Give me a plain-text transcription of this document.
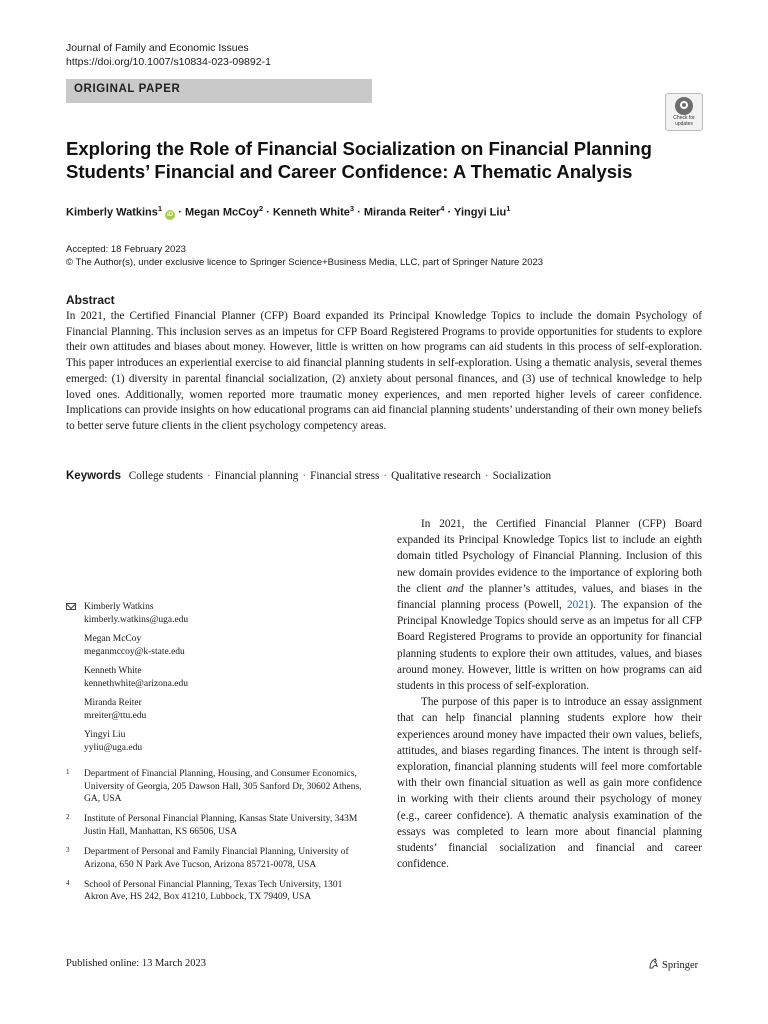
Journal of Family and Economic Issues
https://doi.org/10.1007/s10834-023-09892-1
ORIGINAL PAPER
Check for
updates
Exploring the Role of Financial Socialization on Financial Planning Students’ Financial and Career Confidence: A Thematic Analysis
Kimberly Watkins$^1$ iD · Megan McCoy$^2$ · Kenneth White$^3$ · Miranda Reiter$^4$ · Yingyi Liu$^1$
Accepted: 18 February 2023
© The Author(s), under exclusive licence to Springer Science+Business Media, LLC, part of Springer Nature 2023
Abstract
In 2021, the Certified Financial Planner (CFP) Board expanded its Principal Knowledge Topics to include the domain Psychology of Financial Planning. This inclusion serves as an impetus for CFP Board Registered Programs to provide opportunities for students to explore their own attitudes and biases about money. However, little is written on how programs can aid students in this process of self-exploration. This paper introduces an experiential exercise to aid financial planning students in self-exploration. Using a thematic analysis, several themes emerged: (1) diversity in parental financial socialization, (2) anxiety about personal finances, and (3) use of technical knowledge to help loved ones. Additionally, women reported more traumatic money experiences, and men reported higher levels of career confidence. Implications can provide insights on how educational programs can aid financial planning students’ understanding of their own money beliefs to better serve future clients in the client psychology competency areas.
Keywords College students · Financial planning · Financial stress · Qualitative research · Socialization

In 2021, the Certified Financial Planner (CFP) Board expanded its Principal Knowledge Topics list to include an eighth domain titled Psychology of Financial Planning. Inclusion of this new domain provides evidence to the importance of exploring both the client and the planner’s attitudes, values, and biases in the financial planning process (Powell, 2021). The expansion of the Principal Knowledge Topics should serve as an impetus for all CFP Board Registered Programs to provide an opportunity for financial planning students to explore their own attitudes, values, and biases around money. However, little is written on how programs can aid students in this process of self-exploration.

The purpose of this paper is to introduce an essay assignment that can help financial planning students explore how their experiences around money have impacted their own values, beliefs, attitudes, and biases regarding finances. The intent is through self-exploration, financial planning students will feel more comfortable with their own financial situation as well as gain more confidence in working with their clients around their psychology of money (e.g., career confidence). A thematic analysis examination of the essays was completed to learn more about financial planning students’ financial socialization and financial and career confidence.

Kimberly Watkins
kimberly.watkins@uga.edu
Megan McCoy
meganmccoy@k-state.edu
Kenneth White
kennethwhite@arizona.edu
Miranda Reiter
mreiter@ttu.edu
Yingyi Liu
yyliu@uga.edu
1 Department of Financial Planning, Housing, and Consumer Economics, University of Georgia, 205 Dawson Hall, 305 Sanford Dr, 30602 Athens, GA, USA
2 Institute of Personal Financial Planning, Kansas State University, 343M Justin Hall, Manhattan, KS 66506, USA
3 Department of Personal and Family Financial Planning, University of Arizona, 650 N Park Ave Tucson, Arizona 85721-0078, USA
4 School of Personal Financial Planning, Texas Tech University, 1301 Akron Ave, HS 242, Box 41210, Lubbock, TX 79409, USA
Published online: 13 March 2023	Springer
